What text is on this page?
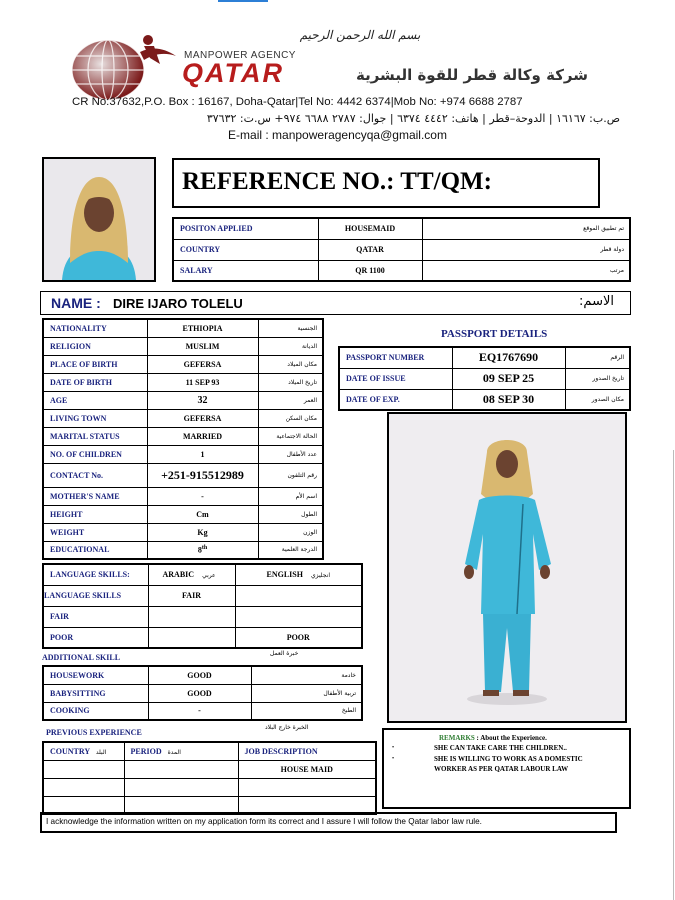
بسم الله الرحمن الرحيم
MANPOWER AGENCY
QATAR	شركة وكالة قطر للقوة البشرية
CR No:37632,P.O. Box : 16167, Doha-Qatar|Tel No: 4442 6374|Mob No: +974 6688 2787
ص.ب: ١٦١٦٧ | الدوحة–قطر | هاتف: ٤٤٤٢ ٦٣٧٤ | جوال: ٢٧٨٧ ٦٦٨٨ ٩٧٤+ س.ت: ٣٧٦٣٢
E-mail : manpoweragencyqa@gmail.com
REFERENCE NO.: TT/QM:
POSITON APPLIED	HOUSEMAID	تم تطبيق الموقع
COUNTRY	QATAR	دولة قطر
SALARY	QR 1100	مرتب
NAME : DIRE IJARO TOLELU	الاسم:
NATIONALITY	ETHIOPIA	الجنسية
RELIGION	MUSLIM	الديانة
PLACE OF BIRTH	GEFERSA	مكان الميلاد
DATE OF BIRTH	11 SEP 93	تاريخ الميلاد
AGE	32	العمر
LIVING TOWN	GEFERSA	مكان السكن
MARITAL STATUS	MARRIED	الحالة الاجتماعية
NO. OF CHILDREN	1	عدد الأطفال
CONTACT No.	+251-915512989	رقم التلفون
MOTHER'S NAME	-	اسم الأم
HEIGHT	Cm	الطول
WEIGHT	Kg	الوزن
EDUCATIONAL	8th	الدرجة العلمية
PASSPORT DETAILS
PASSPORT NUMBER	EQ1767690	الرقم
DATE OF ISSUE	09 SEP 25	تاريخ الصدور
DATE OF EXP.	08 SEP 30	مكان الصدور
LANGUAGE SKILLS:	ARABIC عربي	ENGLISH انجليزي
LANGUAGE SKILLS	FAIR	
FAIR		
POOR		POOR
ADDITIONAL SKILL	خبرة العمل
HOUSEWORK	GOOD	خادمة
BABYSITTING	GOOD	تربية الأطفال
COOKING	-	الطبخ
PREVIOUS EXPERIENCE
الخبرة خارج البلاد
COUNTRY البلد	PERIOD المدة	JOB DESCRIPTION
		HOUSE MAID

REMARKS : About the Experience.
•	SHE CAN TAKE CARE THE CHILDREN..
•	SHE IS WILLING TO WORK AS A DOMESTIC
WORKER AS PER QATAR LABOUR LAW
I acknowledge the information written on my application form its correct and I assure I will follow the Qatar labor law rule.
